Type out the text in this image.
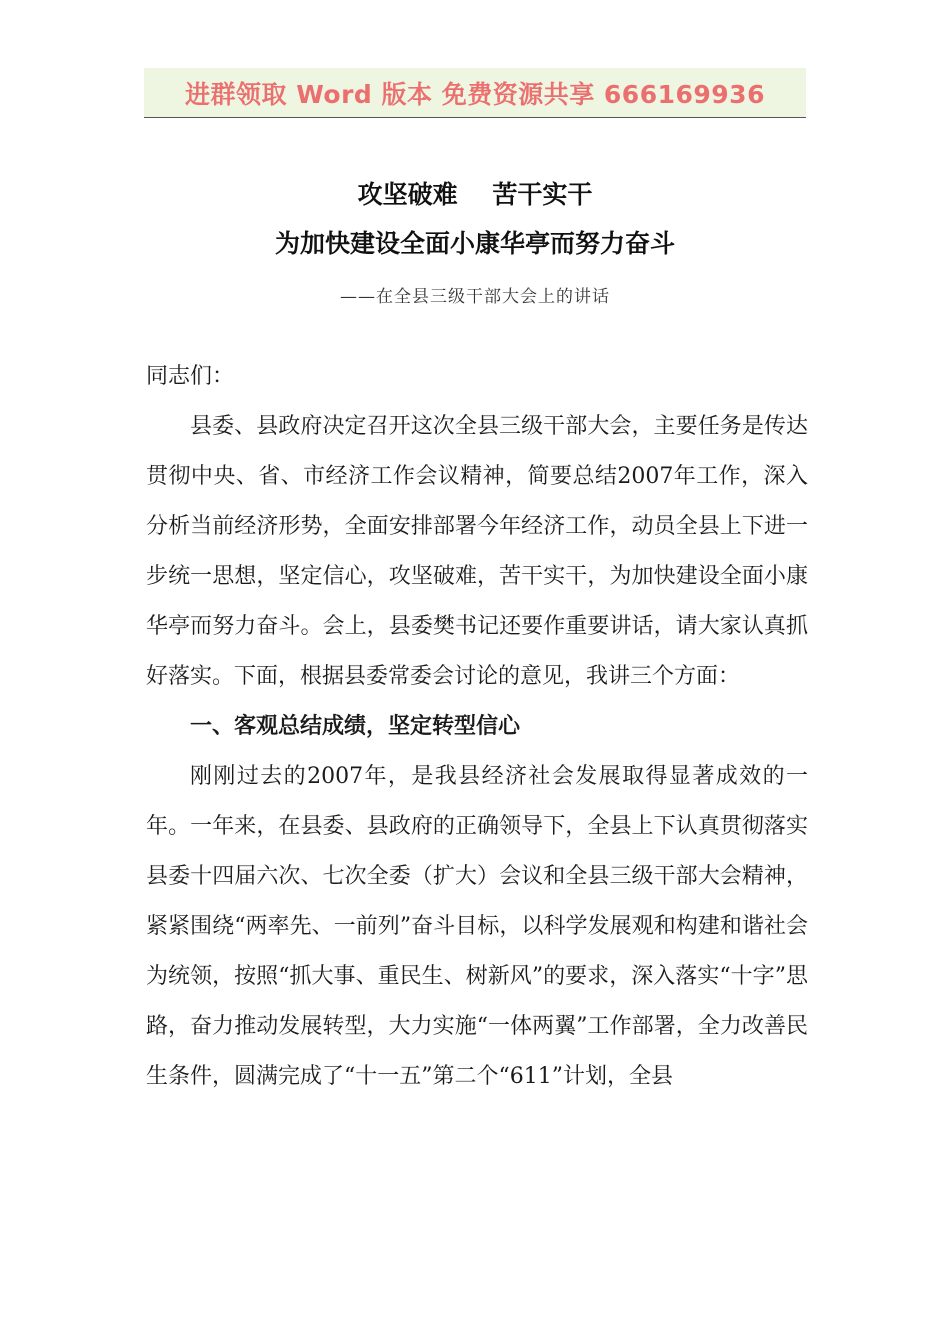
进群领取 Word 版本 免费资源共享 666169936
攻坚破难    苦干实干
为加快建设全面小康华亭而努力奋斗
——在全县三级干部大会上的讲话

同志们：

县委、县政府决定召开这次全县三级干部大会，主要任务是传达贯彻中央、省、市经济工作会议精神，简要总结2007年工作，深入分析当前经济形势，全面安排部署今年经济工作，动员全县上下进一步统一思想，坚定信心，攻坚破难，苦干实干，为加快建设全面小康华亭而努力奋斗。会上，县委樊书记还要作重要讲话，请大家认真抓好落实。下面，根据县委常委会讨论的意见，我讲三个方面：

一、客观总结成绩，坚定转型信心

刚刚过去的2007年，是我县经济社会发展取得显著成效的一年。一年来，在县委、县政府的正确领导下，全县上下认真贯彻落实县委十四届六次、七次全委（扩大）会议和全县三级干部大会精神，紧紧围绕“两率先、一前列”奋斗目标，以科学发展观和构建和谐社会为统领，按照“抓大事、重民生、树新风”的要求，深入落实“十字”思路，奋力推动发展转型，大力实施“一体两翼”工作部署，全力改善民生条件，圆满完成了“十一五”第二个“611”计划，全县
